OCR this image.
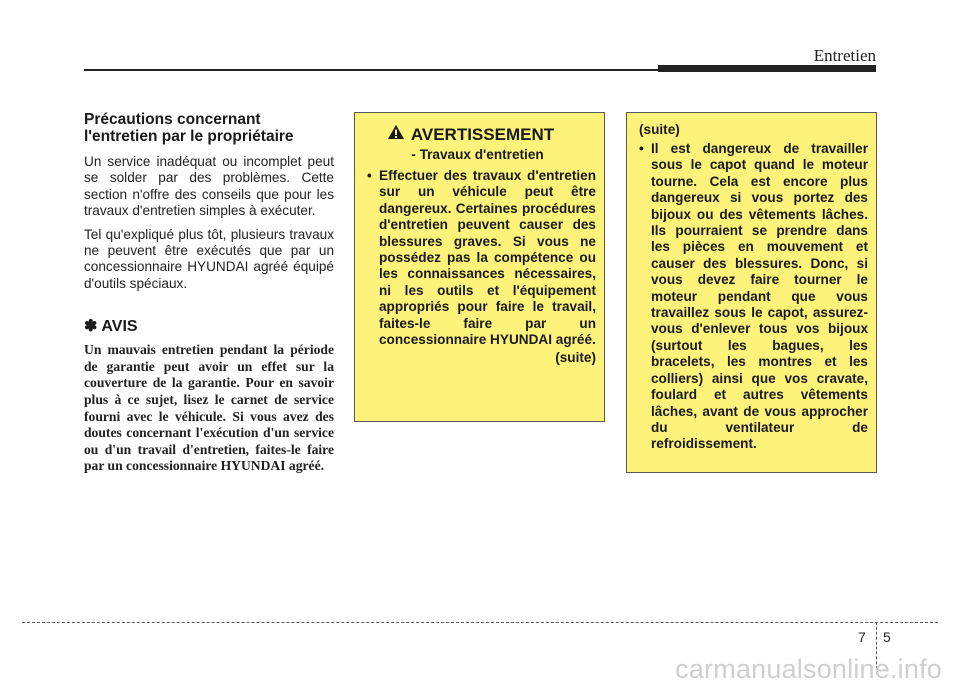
Entretien
Précautions concernant l'entretien par le propriétaire

Un service inadéquat ou incomplet peut se solder par des problèmes. Cette section n'offre des conseils que pour les travaux d'entretien simples à exécuter.

Tel qu'expliqué plus tôt, plusieurs travaux ne peuvent être exécutés que par un concessionnaire HYUNDAI agréé équipé d'outils spéciaux.

✽ AVIS

Un mauvais entretien pendant la période de garantie peut avoir un effet sur la couverture de la garantie. Pour en savoir plus à ce sujet, lisez le carnet de service fourni avec le véhicule. Si vous avez des doutes concernant l'exécution d'un service ou d'un travail d'entretien, faites-le faire par un concessionnaire HYUNDAI agréé.

AVERTISSEMENT
- Travaux d'entretien
• Effectuer des travaux d'entretien sur un véhicule peut être dangereux. Certaines procédures d'entretien peuvent causer des blessures graves. Si vous ne possédez pas la compétence ou les connaissances nécessaires, ni les outils et l'équipement appropriés pour faire le travail, faites-le faire par un concessionnaire HYUNDAI agréé.
(suite)
(suite)
• Il est dangereux de travailler sous le capot quand le moteur tourne. Cela est encore plus dangereux si vous portez des bijoux ou des vêtements lâches. Ils pourraient se prendre dans les pièces en mouvement et causer des blessures. Donc, si vous devez faire tourner le moteur pendant que vous travaillez sous le capot, assurez-vous d'enlever tous vos bijoux (surtout les bagues, les bracelets, les montres et les colliers) ainsi que vos cravate, foulard et autres vêtements lâches, avant de vous approcher du ventilateur de refroidissement.
7 5
carmanualsonline.info
